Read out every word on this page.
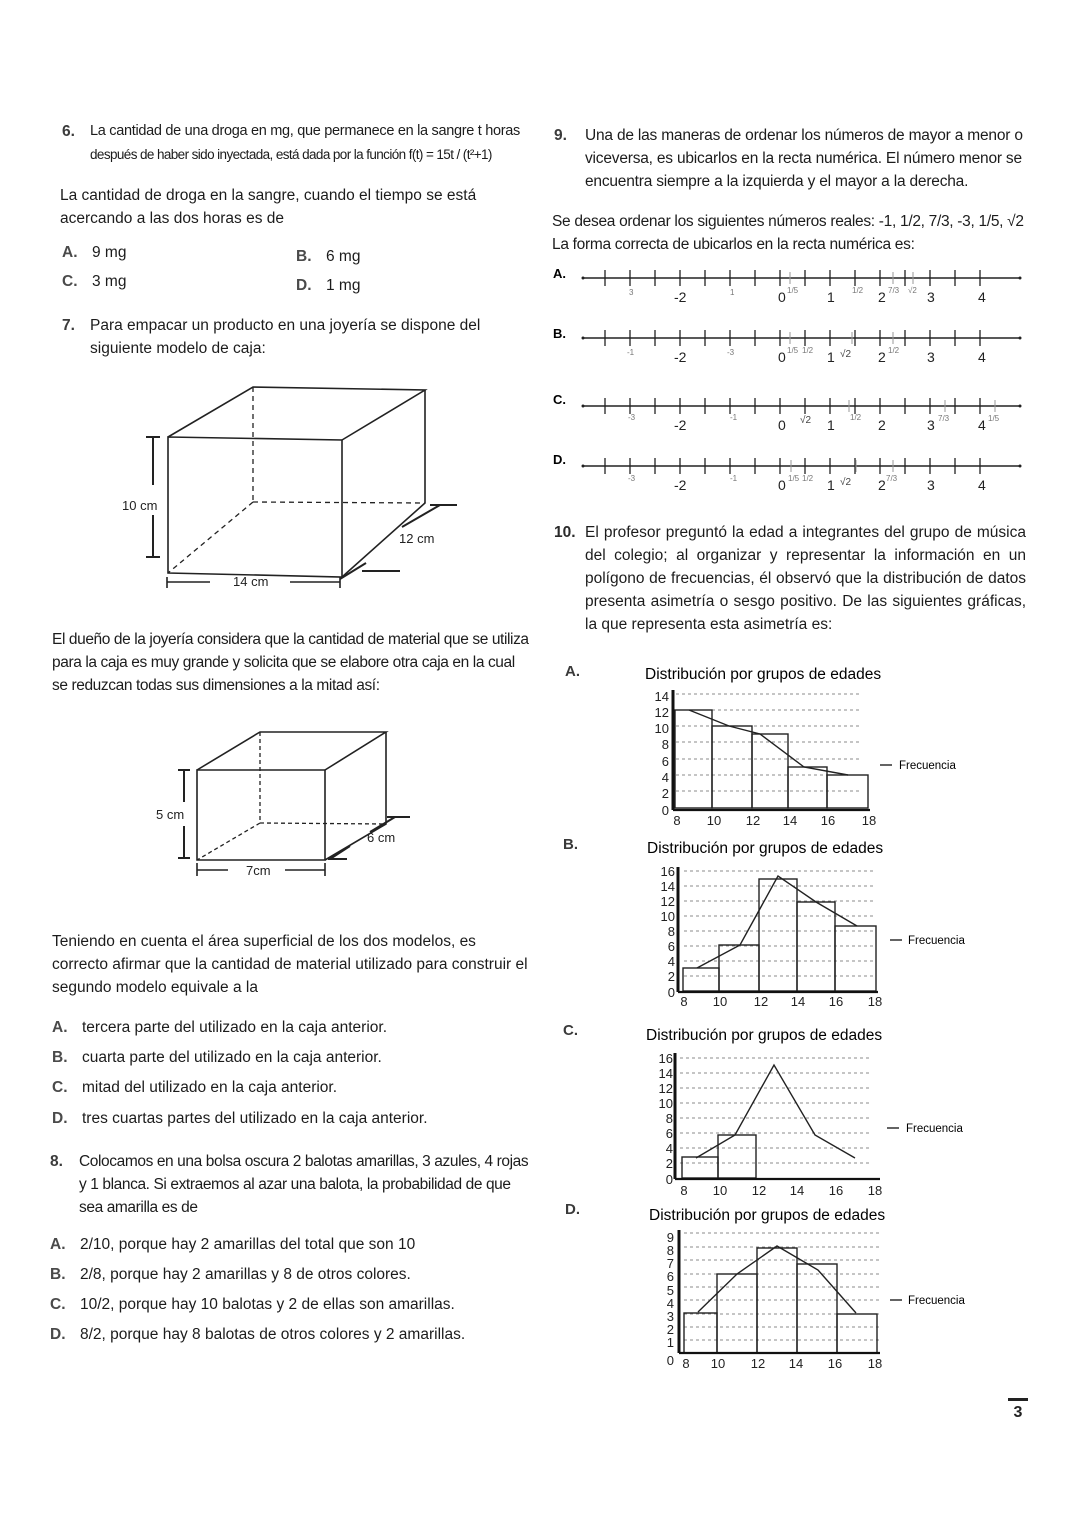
6. La cantidad de una droga en mg, que permanece en la sangre t horas
después de haber sido inyectada, está dada por la función f(t) = 15t / (t²+1)
La cantidad de droga en la sangre, cuando el tiempo se está acercando a las dos horas es de
A. 9 mg	B. 6 mg
C. 3 mg	D. 1 mg
7. Para empacar un producto en una joyería se dispone del siguiente modelo de caja:
10 cm
14 cm
12 cm
El dueño de la joyería considera que la cantidad de material que se utiliza para la caja es muy grande y solicita que se elabore otra caja en la cual se reduzcan todas sus dimensiones a la mitad así:
5 cm
7cm
6 cm
Teniendo en cuenta el área superficial de los dos modelos, es correcto afirmar que la cantidad de material utilizado para construir el segundo modelo equivale a la
A. tercera parte del utilizado en la caja anterior.
B. cuarta parte del utilizado en la caja anterior.
C. mitad del utilizado en la caja anterior.
D. tres cuartas partes del utilizado en la caja anterior.
8. Colocamos en una bolsa oscura 2 balotas amarillas, 3 azules, 4 rojas y 1 blanca. Si extraemos al azar una balota, la probabilidad de que sea amarilla es de
A. 2/10, porque hay 2 amarillas del total que son 10
B. 2/8, porque hay 2 amarillas y 8 de otros colores.
C. 10/2, porque hay 10 balotas y 2 de ellas son amarillas.
D. 8/2, porque hay 8 balotas de otros colores y 2 amarillas.
9. Una de las maneras de ordenar los números de mayor a menor o viceversa, es ubicarlos en la recta numérica. El número menor se encuentra siempre a la izquierda y el mayor a la derecha.
Se desea ordenar los siguientes números reales: -1, 1/2, 7/3, -3, 1/5, √2
La forma correcta de ubicarlos en la recta numérica es:
A.
-2	0	1	2	3	4
3	1	1/5	1/2	7/3 √2
B.
-2	0	1	2	3	4
-1	-3	1/5 1/2	√2	1/2
C.
-2	0	1	2	3	4
-3	-1	√2	1/2	7/3	1/5
D.
-2	0	1	2	3	4
-3	-1	1/5 1/2	√2	7/3
10. El profesor preguntó la edad a integrantes del grupo de música del colegio; al organizar y representar la información en un polígono de frecuencias, él observó que la distribución de datos presenta asimetría o sesgo positivo. De las siguientes gráficas, la que representa esta asimetría es:
A.
B.
C.
D.
Distribución por grupos de edades
0
2
4
6
8
10
12
14
8 10 12 14 16 18
Frecuencia
Distribución por grupos de edades
0
2
4
6
8
10
12
14
16
8 10 12 14 16 18
Frecuencia
Distribución por grupos de edades
0
2
4
6
8
10
12
14
16
8 10 12 14 16 18
Frecuencia
Distribución por grupos de edades
0
1
2
3
4
5
6
7
8
9
8 10 12 14 16 18
Frecuencia
3
